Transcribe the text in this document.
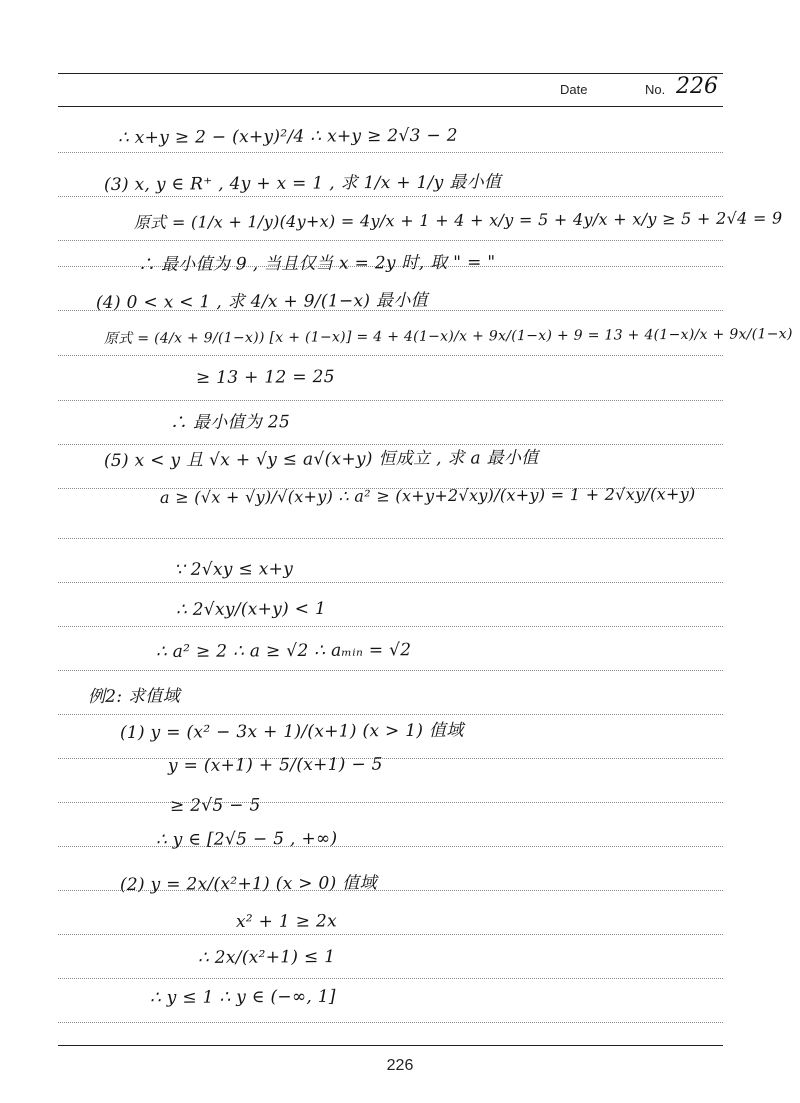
Date	No. 226
∴ x+y ≥ 2 − (x+y)²/4 ∴ x+y ≥ 2√3 − 2
(3) x, y ∈ R⁺ , 4y + x = 1 , 求 1/x + 1/y 最小值
原式 = (1/x + 1/y)(4y+x) = 4y/x + 1 + 4 + x/y = 5 + 4y/x + x/y ≥ 5 + 2√4 = 9
∴ 最小值为 9 , 当且仅当 x = 2y 时, 取 " = "
(4) 0 < x < 1 , 求 4/x + 9/(1−x) 最小值
原式 = (4/x + 9/(1−x)) [x + (1−x)] = 4 + 4(1−x)/x + 9x/(1−x) + 9 = 13 + 4(1−x)/x + 9x/(1−x)
≥ 13 + 12 = 25
∴ 最小值为 25
(5) x < y 且 √x + √y ≤ a√(x+y) 恒成立 , 求 a 最小值
a ≥ (√x + √y)/√(x+y) ∴ a² ≥ (x+y+2√xy)/(x+y) = 1 + 2√xy/(x+y)
∵ 2√xy ≤ x+y
∴ 2√xy/(x+y) < 1
∴ a² ≥ 2 ∴ a ≥ √2 ∴ aₘᵢₙ = √2
例2: 求值域
(1) y = (x² − 3x + 1)/(x+1) (x > 1) 值域
y = (x+1) + 5/(x+1) − 5
≥ 2√5 − 5
∴ y ∈ [2√5 − 5 , +∞)
(2) y = 2x/(x²+1) (x > 0) 值域
x² + 1 ≥ 2x
∴ 2x/(x²+1) ≤ 1
∴ y ≤ 1 ∴ y ∈ (−∞, 1]
226
